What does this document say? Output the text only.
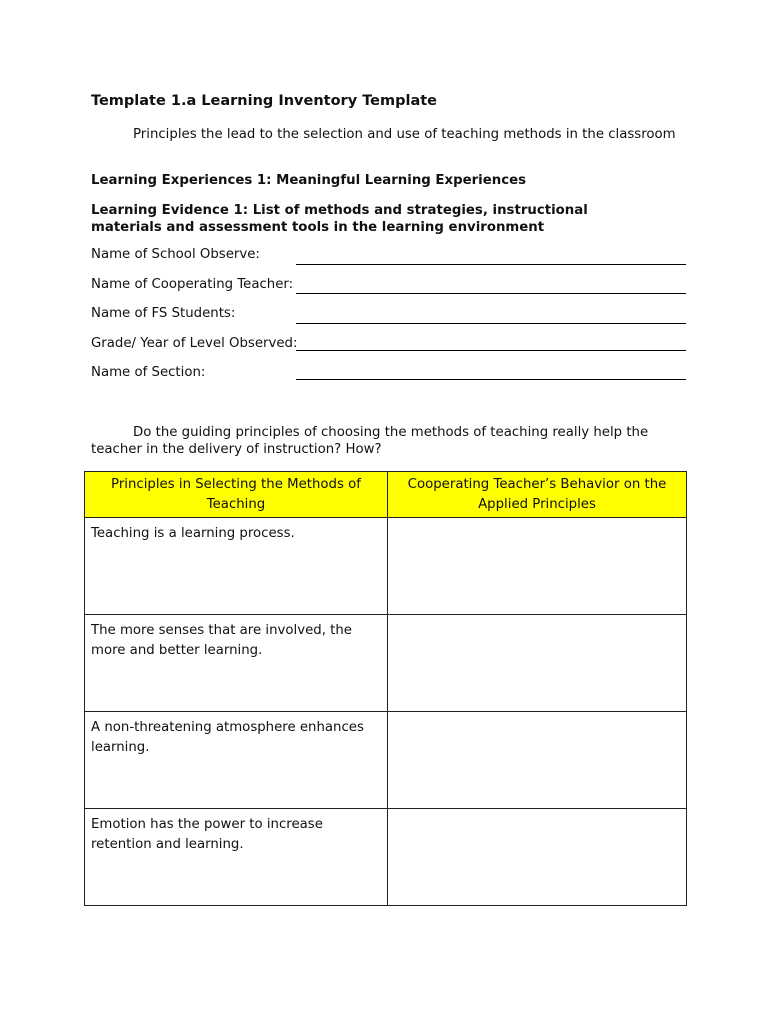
Template 1.a Learning Inventory Template
Principles the lead to the selection and use of teaching methods in the classroom
Learning Experiences 1: Meaningful Learning Experiences
Learning Evidence 1: List of methods and strategies, instructional materials and assessment tools in the learning environment
Name of School Observe:
Name of Cooperating Teacher:
Name of FS Students:
Grade/ Year of Level Observed:
Name of Section:
Do the guiding principles of choosing the methods of teaching really help the teacher in the delivery of instruction? How?
Principles in Selecting the Methods of Teaching	Cooperating Teacher’s Behavior on the Applied Principles
Teaching is a learning process.	
The more senses that are involved, the more and better learning.	
A non-threatening atmosphere enhances learning.	
Emotion has the power to increase retention and learning.	
